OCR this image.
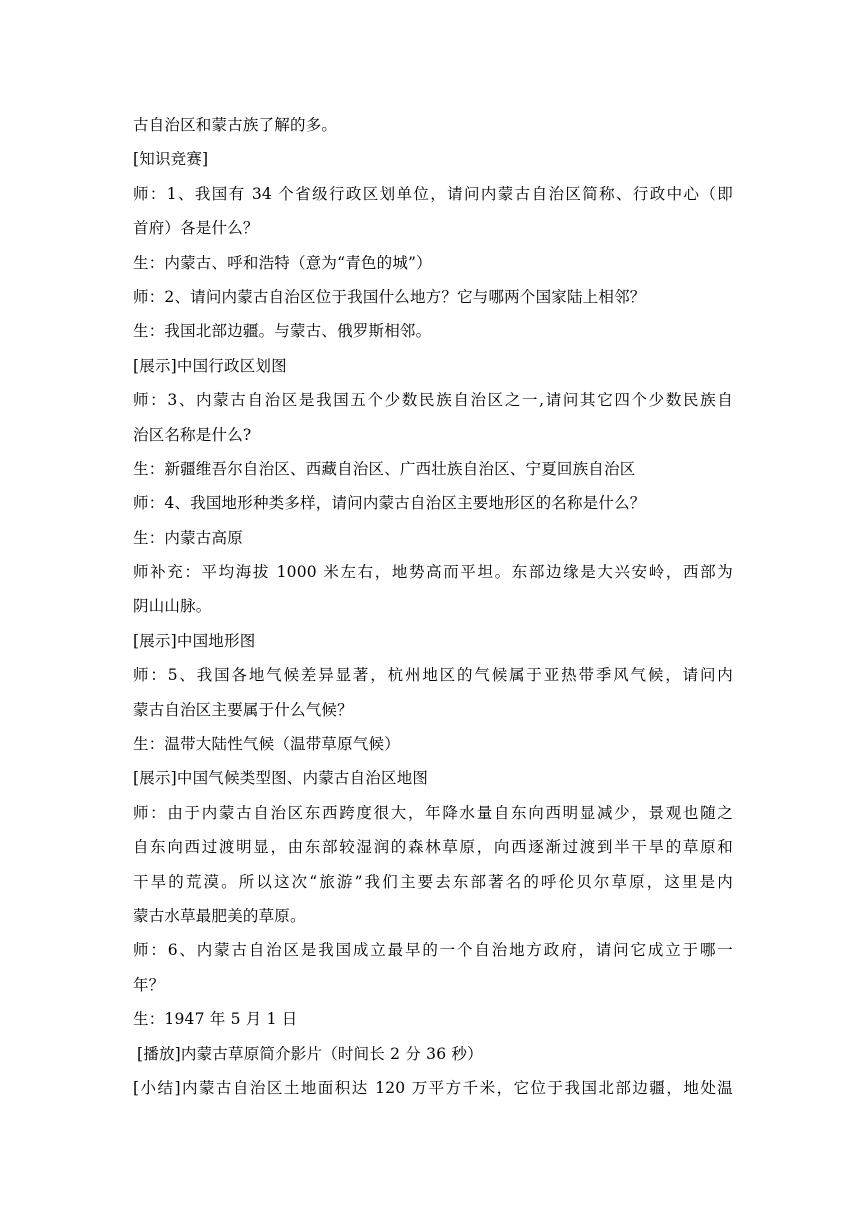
古自治区和蒙古族了解的多。
[知识竞赛]
师：1、我国有 34 个省级行政区划单位，请问内蒙古自治区简称、行政中心（即
首府）各是什么？
生：内蒙古、呼和浩特（意为“青色的城”）
师：2、请问内蒙古自治区位于我国什么地方？它与哪两个国家陆上相邻？
生：我国北部边疆。与蒙古、俄罗斯相邻。
[展示]中国行政区划图
师：3、内蒙古自治区是我国五个少数民族自治区之一,请问其它四个少数民族自
治区名称是什么?
生：新疆维吾尔自治区、西藏自治区、广西壮族自治区、宁夏回族自治区
师：4、我国地形种类多样，请问内蒙古自治区主要地形区的名称是什么？
生：内蒙古高原
师补充：平均海拔 1000 米左右，地势高而平坦。东部边缘是大兴安岭，西部为
阴山山脉。
[展示]中国地形图
师：5、我国各地气候差异显著，杭州地区的气候属于亚热带季风气候，请问内
蒙古自治区主要属于什么气候？
生：温带大陆性气候（温带草原气候）
[展示]中国气候类型图、内蒙古自治区地图
师：由于内蒙古自治区东西跨度很大，年降水量自东向西明显减少，景观也随之
自东向西过渡明显，由东部较湿润的森林草原，向西逐渐过渡到半干旱的草原和
干旱的荒漠。所以这次“旅游”我们主要去东部著名的呼伦贝尔草原，这里是内
蒙古水草最肥美的草原。
师：6、内蒙古自治区是我国成立最早的一个自治地方政府，请问它成立于哪一
年？
生：1947 年 5 月 1 日
[播放]内蒙古草原简介影片（时间长 2 分 36 秒）
[小结]内蒙古自治区土地面积达 120 万平方千米，它位于我国北部边疆，地处温
